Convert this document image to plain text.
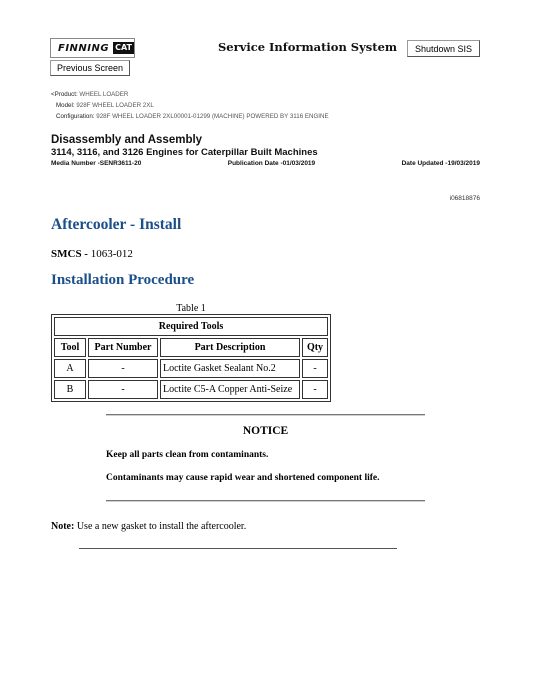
FINNING CAT	Service Information System	Shutdown SIS
Previous Screen
<Product: WHEEL LOADER
Model: 928F WHEEL LOADER 2XL
Configuration: 928F WHEEL LOADER 2XL00001-01299 (MACHINE) POWERED BY 3116 ENGINE
Disassembly and Assembly
3114, 3116, and 3126 Engines for Caterpillar Built Machines
Media Number -SENR3611-20	Publication Date -01/03/2019	Date Updated -19/03/2019
i06818876
Aftercooler - Install
SMCS - 1063-012
Installation Procedure
Table 1
Required Tools			
Tool	Part Number	Part Description	Qty
A	-	Loctite Gasket Sealant No.2	-
B	-	Loctite C5-A Copper Anti-Seize	-
NOTICE
Keep all parts clean from contaminants.
Contaminants may cause rapid wear and shortened component life.
Note: Use a new gasket to install the aftercooler.
